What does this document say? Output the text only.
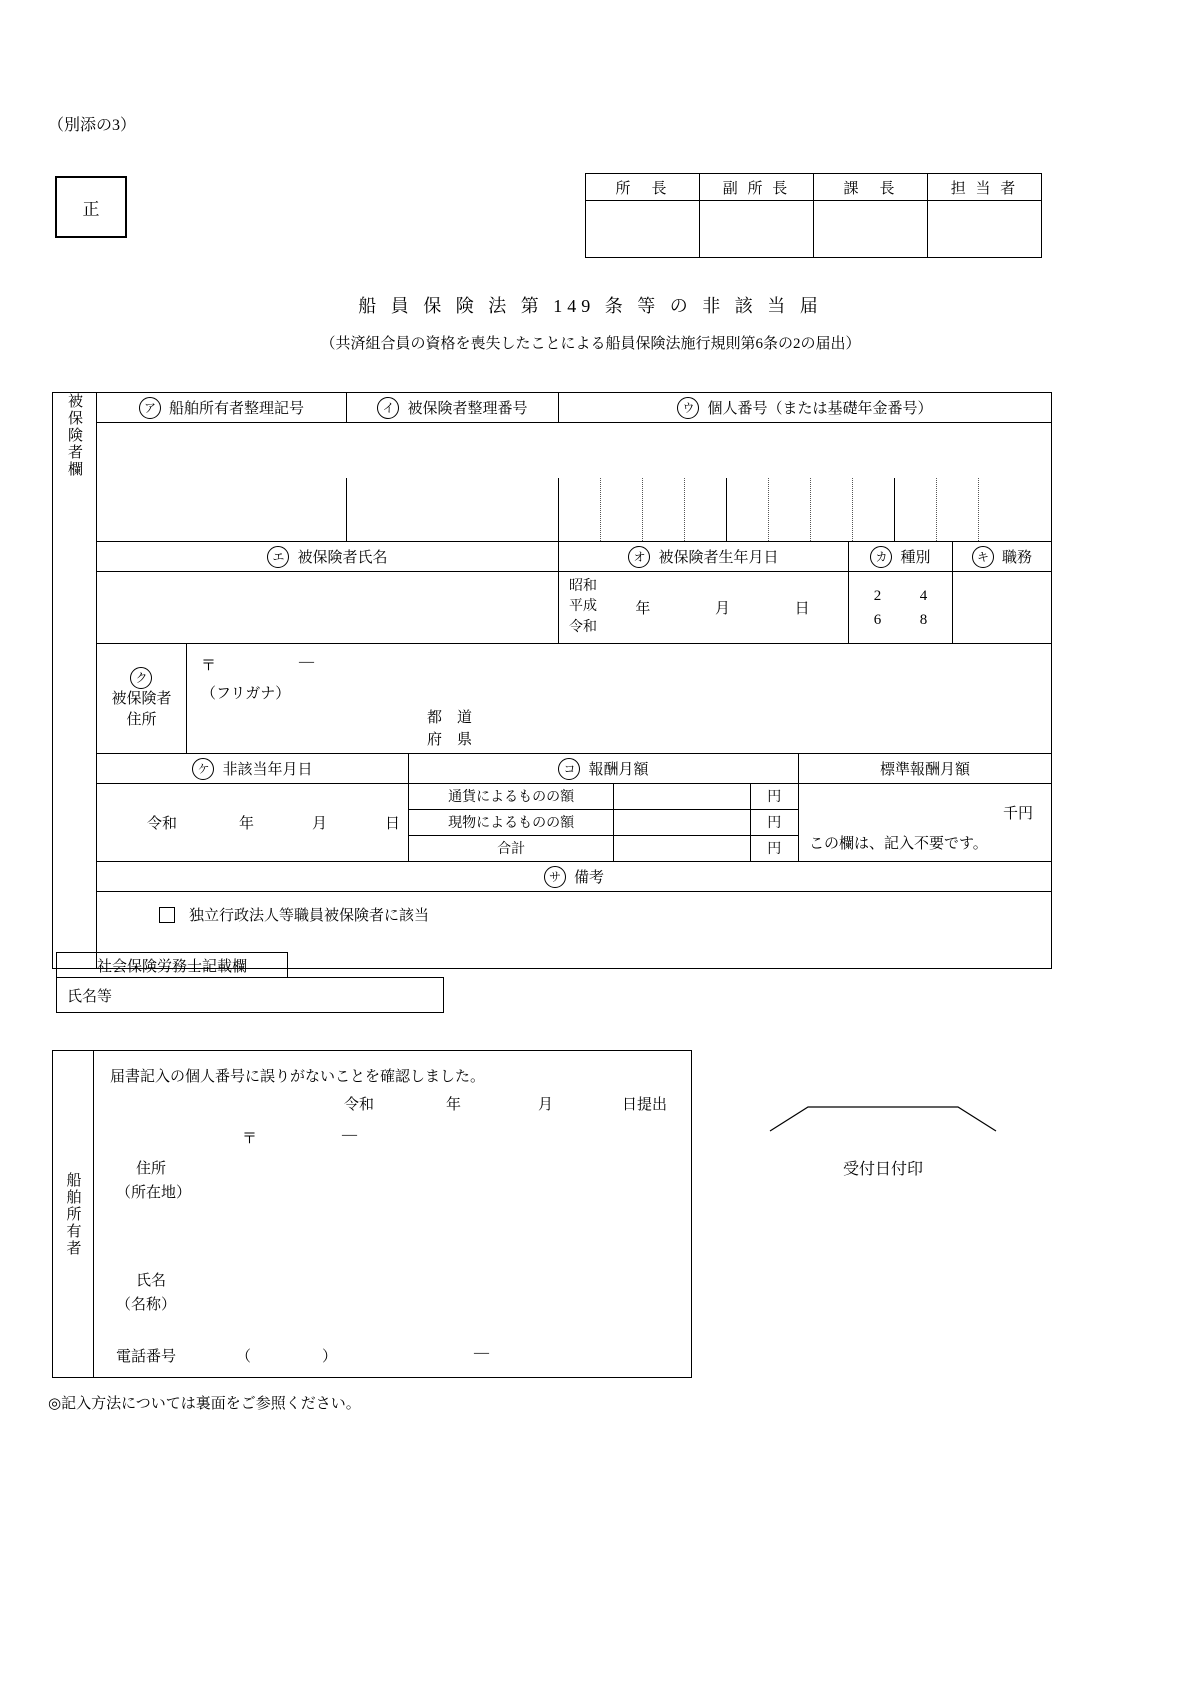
（別添の3）
正
所　長	副 所 長	課　長	担 当 者

船 員 保 険 法 第 149 条 等 の 非 該 当 届
（共済組合員の資格を喪失したことによる船員保険法施行規則第6条の2の届出）
被保険者欄	ア 船舶所有者整理記号	イ 被保険者整理番号	ウ 個人番号（または基礎年金番号）
エ 被保険者氏名	オ 被保険者生年月日	カ 種別	キ 職務
昭和
平成
令和
年	月	日
2	4
6	8
ク
被保険者
住所
〒	—
（フリガナ）
都　道
府　県
ケ 非該当年月日	コ 報酬月額	標準報酬月額
令和	年	月	日
通貨によるものの額		円
現物によるものの額		円
合計		円
千円
この欄は、記入不要です。
サ 備考
独立行政法人等職員被保険者に該当
社会保険労務士記載欄
氏名等
船舶所有者
届書記入の個人番号に誤りがないことを確認しました。
令和	年	月	日提出
〒	—
住所
（所在地）
氏名
（名称）
電話番号	（	）	—
受付日付印
◎記入方法については裏面をご参照ください。
